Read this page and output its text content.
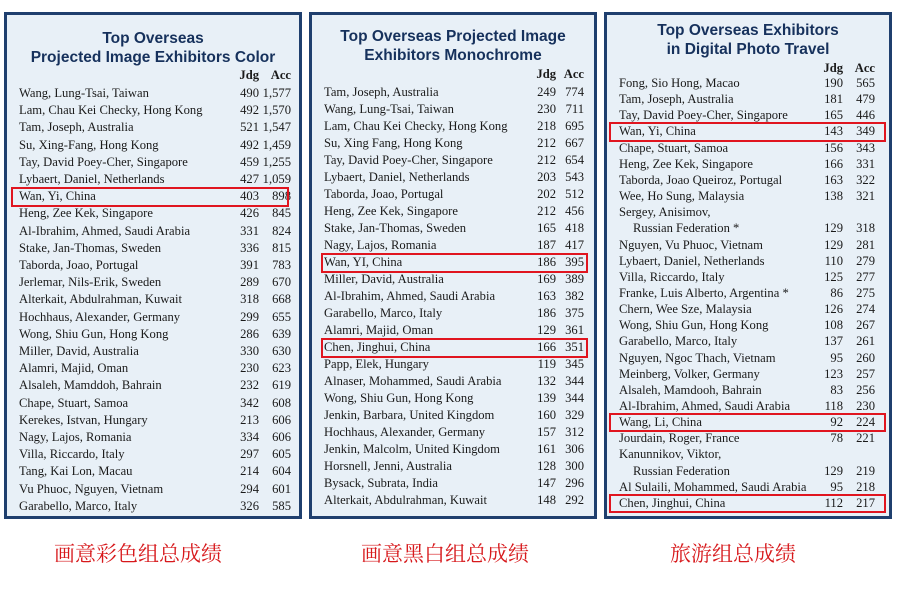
Top Overseas
Projected Image Exhibitors Color
Jdg Acc
Wang, Lung-Tsai, Taiwan	490 1,577
Lam, Chau Kei Checky, Hong Kong	492 1,570
Tam, Joseph, Australia	521 1,547
Su, Xing-Fang, Hong Kong	492 1,459
Tay, David Poey-Cher, Singapore	459 1,255
Lybaert, Daniel, Netherlands	427 1,059
Wan, Yi, China	403 898
Heng, Zee Kek, Singapore	426 845
Al-Ibrahim, Ahmed, Saudi Arabia	331 824
Stake, Jan-Thomas, Sweden	336 815
Taborda, Joao, Portugal	391 783
Jerlemar, Nils-Erik, Sweden	289 670
Alterkait, Abdulrahman, Kuwait	318 668
Hochhaus, Alexander, Germany	299 655
Wong, Shiu Gun, Hong Kong	286 639
Miller, David, Australia	330 630
Alamri, Majid, Oman	230 623
Alsaleh, Mamddoh, Bahrain	232 619
Chape, Stuart, Samoa	342 608
Kerekes, Istvan, Hungary	213 606
Nagy, Lajos, Romania	334 606
Villa, Riccardo, Italy	297 605
Tang, Kai Lon, Macau	214 604
Vu Phuoc, Nguyen, Vietnam	294 601
Garabello, Marco, Italy	326 585
Top Overseas Projected Image
Exhibitors Monochrome
Jdg Acc
Tam, Joseph, Australia	249 774
Wang, Lung-Tsai, Taiwan	230 711
Lam, Chau Kei Checky, Hong Kong 218 695
Su, Xing Fang, Hong Kong	212 667
Tay, David Poey-Cher, Singapore	212 654
Lybaert, Daniel, Netherlands	203 543
Taborda, Joao, Portugal	202 512
Heng, Zee Kek, Singapore	212 456
Stake, Jan-Thomas, Sweden	165 418
Nagy, Lajos, Romania	187 417
Wan, YI, China	186 395
Miller, David, Australia	169 389
Al-Ibrahim, Ahmed, Saudi Arabia	163 382
Garabello, Marco, Italy	186 375
Alamri, Majid, Oman	129 361
Chen, Jinghui, China	166 351
Papp, Elek, Hungary	119 345
Alnaser, Mohammed, Saudi Arabia	132 344
Wong, Shiu Gun, Hong Kong	139 344
Jenkin, Barbara, United Kingdom	160 329
Hochhaus, Alexander, Germany	157 312
Jenkin, Malcolm, United Kingdom	161 306
Horsnell, Jenni, Australia	128 300
Bysack, Subrata, India	147 296
Alterkait, Abdulrahman, Kuwait	148 292
Top Overseas Exhibitors
in Digital Photo Travel
Jdg Acc
Fong, Sio Hong, Macao	190 565
Tam, Joseph, Australia	181 479
Tay, David Poey-Cher, Singapore	165 446
Wan, Yi, China	143 349
Chape, Stuart, Samoa	156 343
Heng, Zee Kek, Singapore	166 331
Taborda, Joao Queiroz, Portugal	163 322
Wee, Ho Sung, Malaysia	138 321
Sergey, Anisimov,
Russian Federation *	129 318
Nguyen, Vu Phuoc, Vietnam	129 281
Lybaert, Daniel, Netherlands	110 279
Villa, Riccardo, Italy	125 277
Franke, Luis Alberto, Argentina *	86 275
Chern, Wee Sze, Malaysia	126 274
Wong, Shiu Gun, Hong Kong	108 267
Garabello, Marco, Italy	137 261
Nguyen, Ngoc Thach, Vietnam	95 260
Meinberg, Volker, Germany	123 257
Alsaleh, Mamdooh, Bahrain	83 256
Al-Ibrahim, Ahmed, Saudi Arabia	118 230
Wang, Li, China	92 224
Jourdain, Roger, France	78 221
Kanunnikov, Viktor,
Russian Federation	129 219
Al Sulaili, Mohammed, Saudi Arabia 95 218
Chen, Jinghui, China	112 217
画意彩色组总成绩	画意黑白组总成绩	旅游组总成绩
